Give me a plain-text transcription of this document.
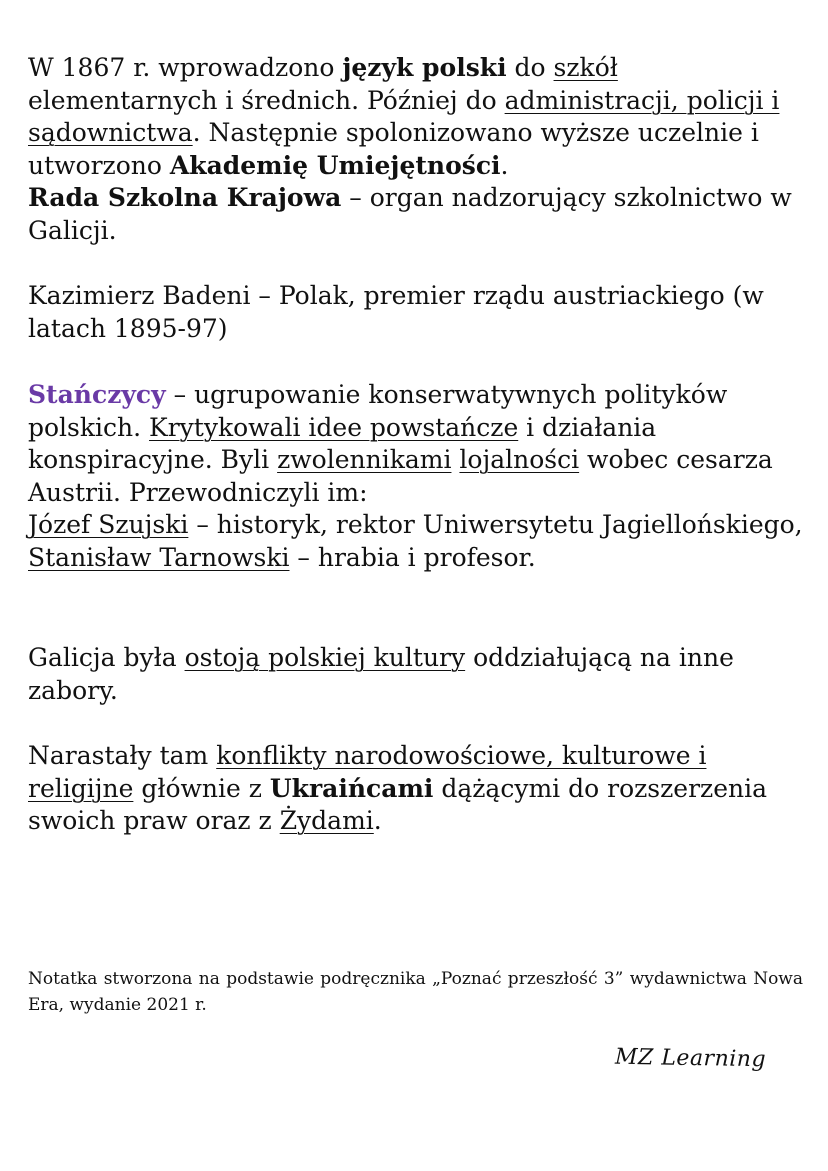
W 1867 r. wprowadzono język polski do szkół elementarnych i średnich. Później do administracji, policji i sądownictwa. Następnie spolonizowano wyższe uczelnie i utworzono Akademię Umiejętności.
Rada Szkolna Krajowa – organ nadzorujący szkolnictwo w Galicji.
Kazimierz Badeni – Polak, premier rządu austriackiego (w latach 1895-97)
Stańczycy – ugrupowanie konserwatywnych polityków polskich. Krytykowali idee powstańcze i działania konspiracyjne. Byli zwolennikami lojalności wobec cesarza Austrii. Przewodniczyli im:
Józef Szujski – historyk, rektor Uniwersytetu Jagiellońskiego,
Stanisław Tarnowski – hrabia i profesor.
Galicja była ostoją polskiej kultury oddziałującą na inne zabory.
Narastały tam konflikty narodowościowe, kulturowe i religijne głównie z Ukraińcami dążącymi do rozszerzenia swoich praw oraz z Żydami.
Notatka stworzona na podstawie podręcznika „Poznać przeszłość 3” wydawnictwa Nowa Era, wydanie 2021 r.
MZ Learning
